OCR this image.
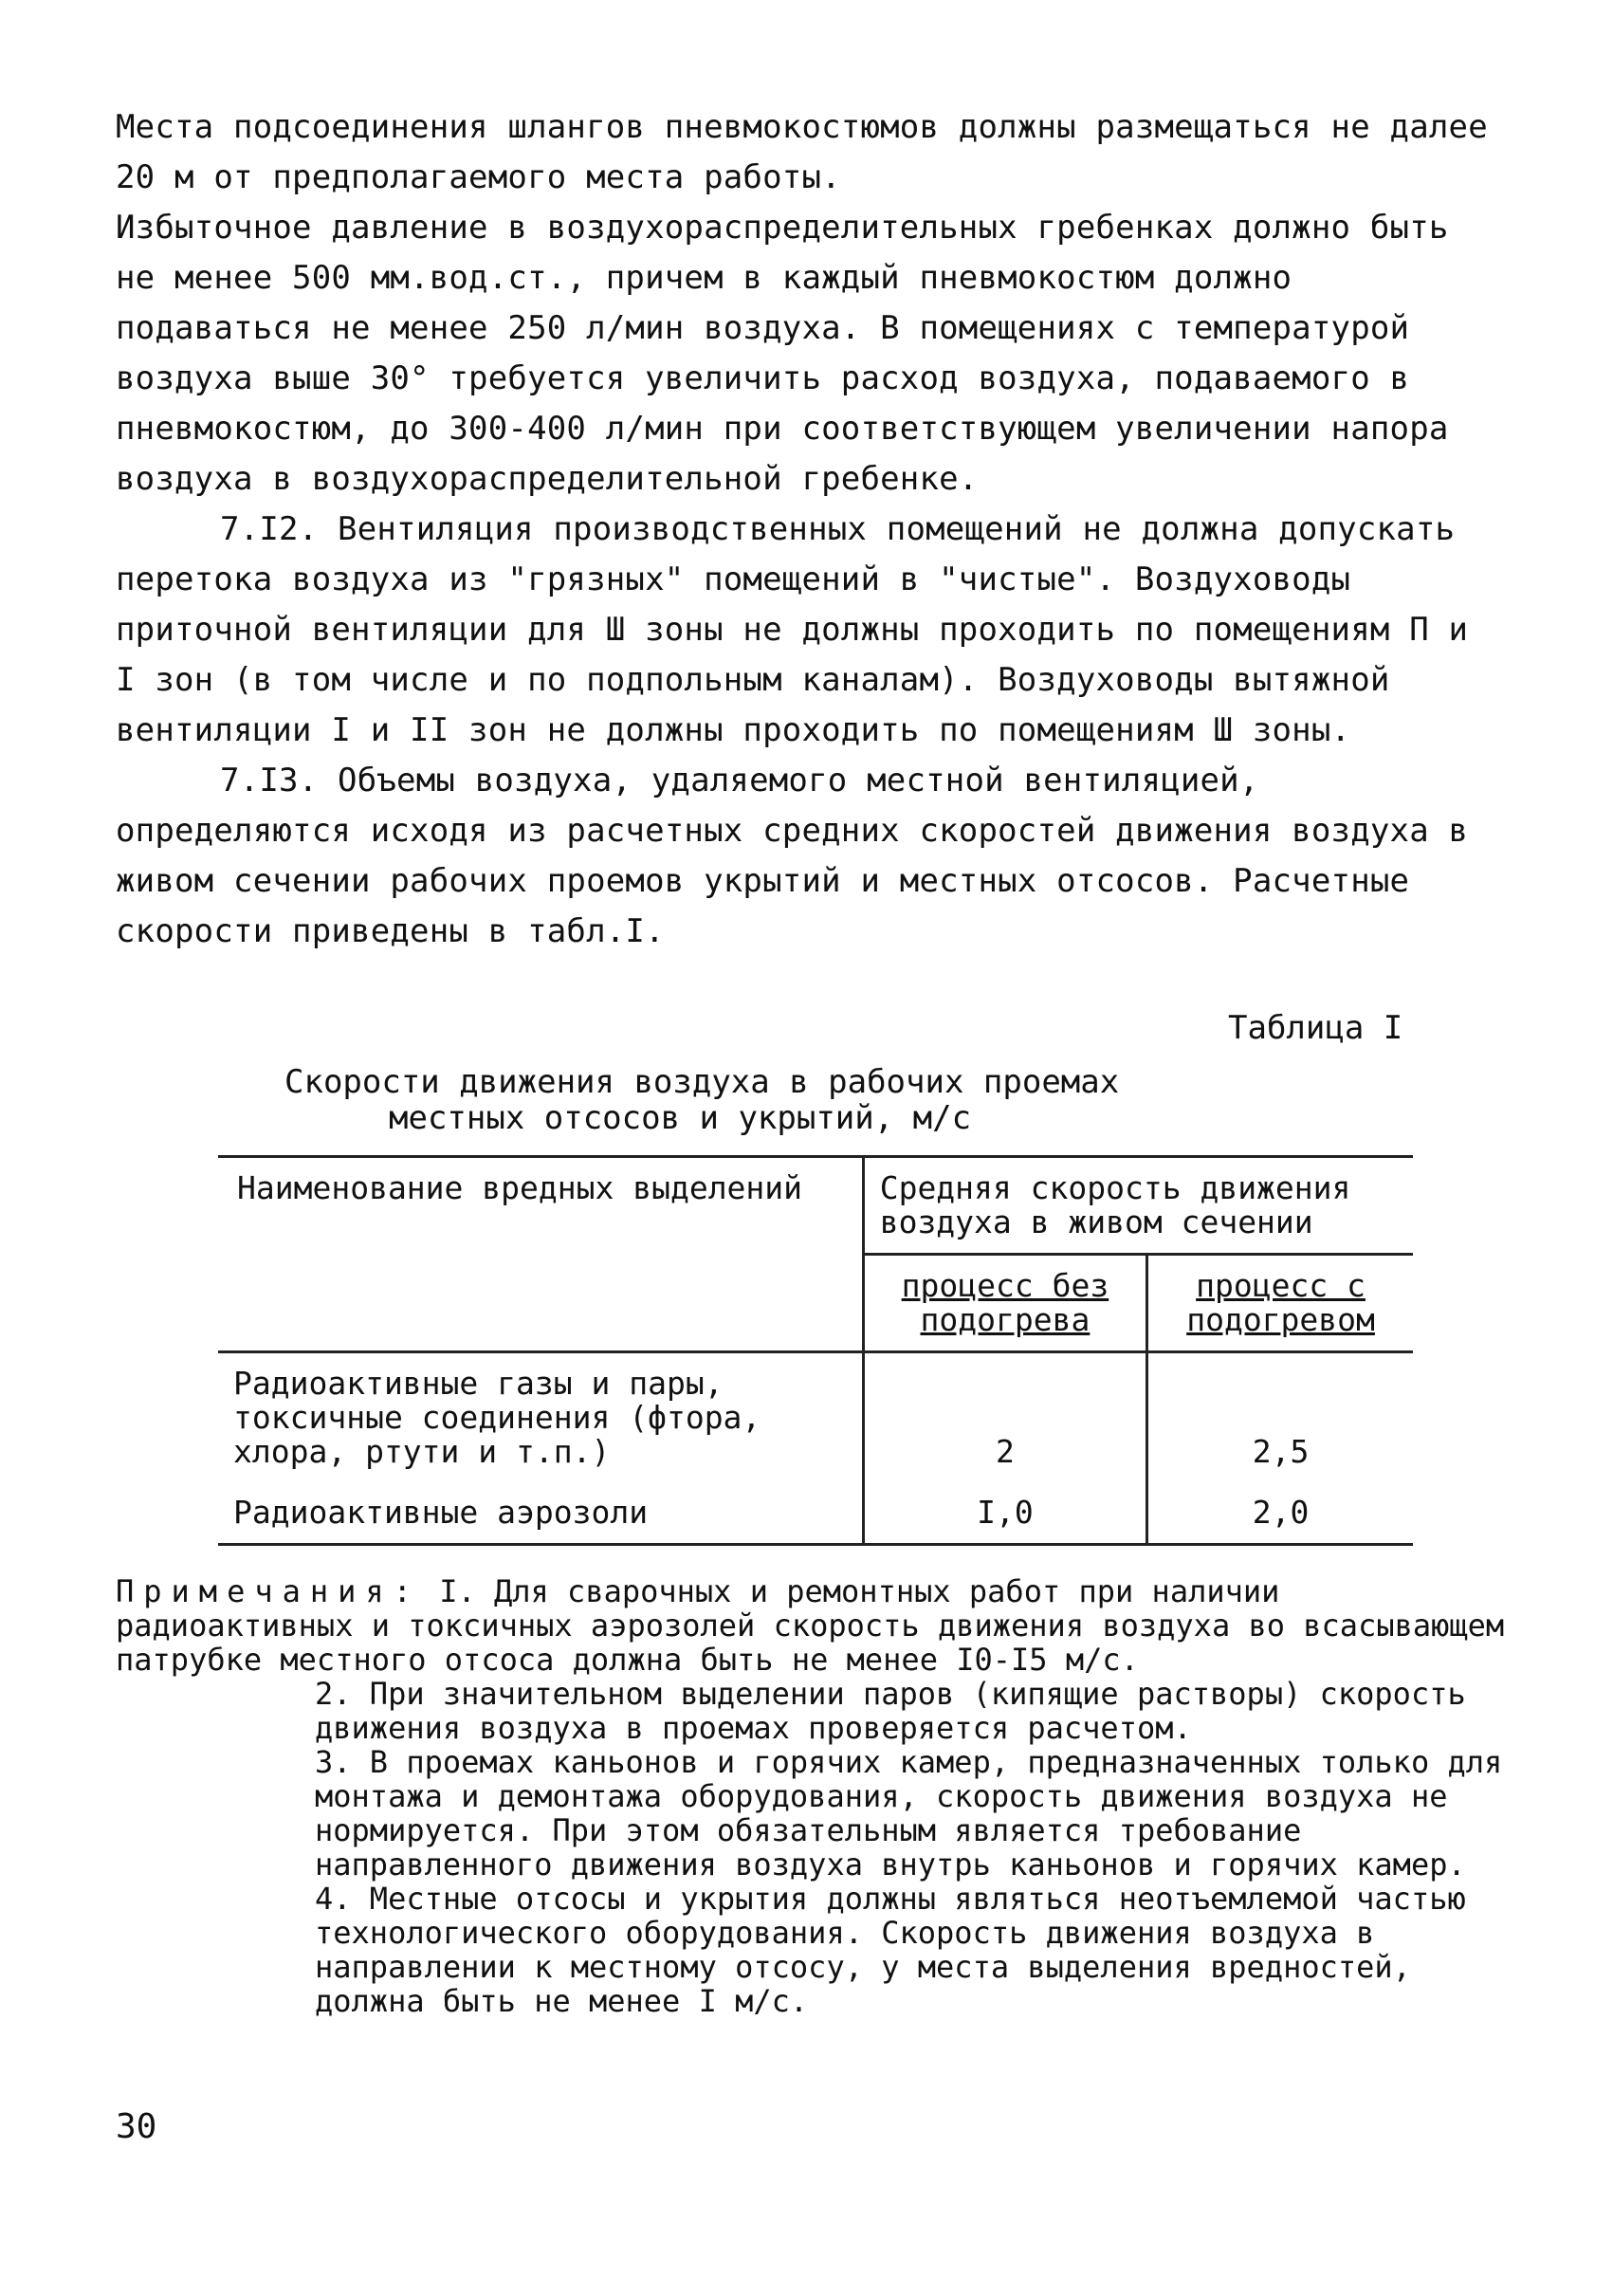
Места подсоединения шлангов пневмокостюмов должны размещаться не далее 20 м от предполагаемого места работы.

Избыточное давление в воздухораспределительных гребенках должно быть не менее 500 мм.вод.ст., причем в каждый пневмокостюм должно подаваться не менее 250 л/мин воздуха. В помещениях с температурой воздуха выше 30° требуется увеличить расход воздуха, подаваемого в пневмокостюм, до 300-400 л/мин при соответствующем увеличении напора воздуха в воздухораспределительной гребенке.

7.I2. Вентиляция производственных помещений не должна допускать перетока воздуха из "грязных" помещений в "чистые". Воздуховоды приточной вентиляции для Ш зоны не должны проходить по помещениям П и I зон (в том числе и по подпольным каналам). Воздуховоды вытяжной вентиляции I и II зон не должны проходить по помещениям Ш зоны.

7.I3. Объемы воздуха, удаляемого местной вентиляцией, определяются исходя из расчетных средних скоростей движения воздуха в живом сечении рабочих проемов укрытий и местных отсосов. Расчетные скорости приведены в табл.I.

Таблица I
Скорости движения воздуха в рабочих проемах
местных отсосов и укрытий, м/с
Наименование вредных выделений	Средняя скорость движения воздуха в живом сечении	
	процесс без подогрева	процесс с подогревом
Радиоактивные газы и пары, токсичные соединения (фтора, хлора, ртути и т.п.)	2	2,5
Радиоактивные аэрозоли	I,0	2,0

Примечания: I. Для сварочных и ремонтных работ при наличии радиоактивных и токсичных аэрозолей скорость движения воздуха во всасывающем патрубке местного отсоса должна быть не менее I0-I5 м/с.

2. При значительном выделении паров (кипящие растворы) скорость движения воздуха в проемах проверяется расчетом.

3. В проемах каньонов и горячих камер, предназначенных только для монтажа и демонтажа оборудования, скорость движения воздуха не нормируется. При этом обязательным является требование направленного движения воздуха внутрь каньонов и горячих камер.

4. Местные отсосы и укрытия должны являться неотъемлемой частью технологического оборудования. Скорость движения воздуха в направлении к местному отсосу, у места выделения вредностей, должна быть не менее I м/с.

30
